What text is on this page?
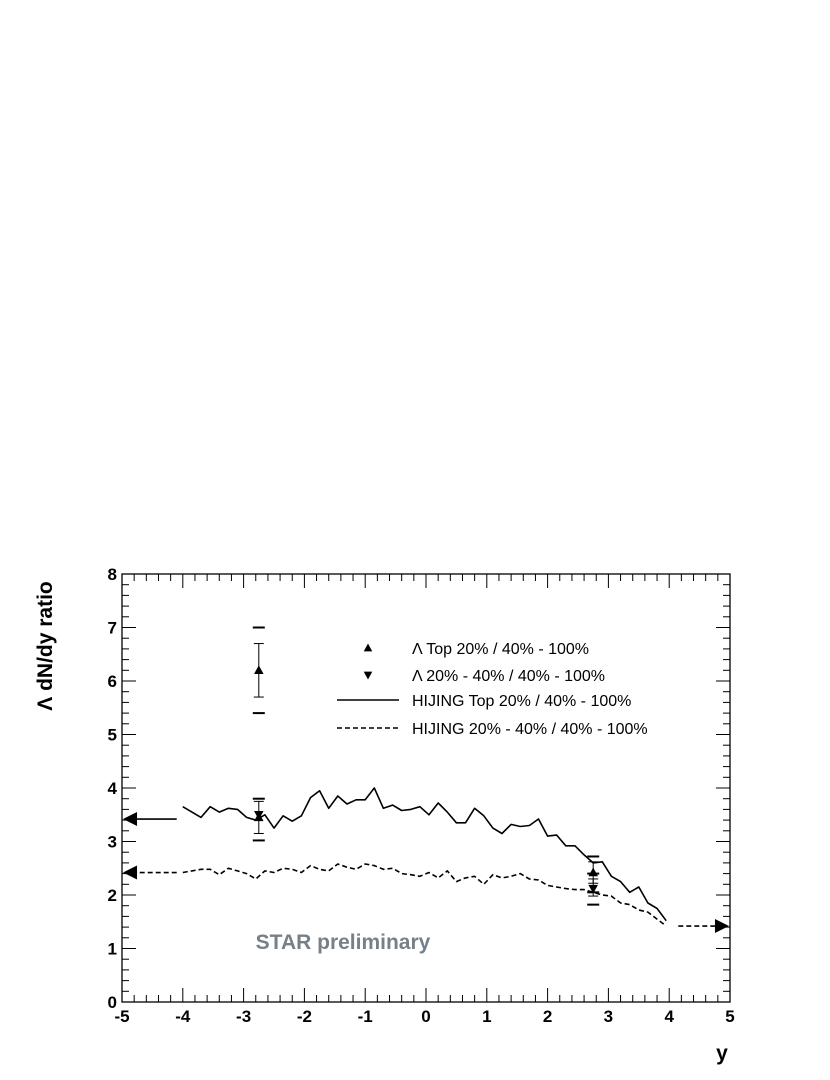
-5	-4	-3	-2	-1	0	1	2	3	4	5
0
1
2
3
4
5
6
7
8
Λ Top 20% / 40% - 100%
Λ 20% - 40% / 40% - 100%
HIJING Top 20% / 40% - 100%
HIJING 20% - 40% / 40% - 100%
Λ dN/dy ratio
y
STAR preliminary
